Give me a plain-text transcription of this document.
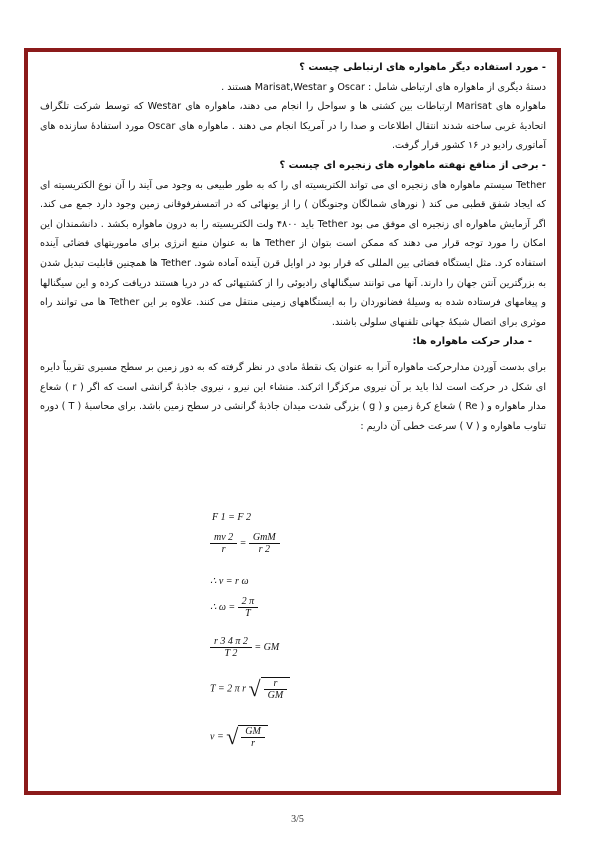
- مورد استفاده دیگر ماهواره های ارتباطی چیست ؟

دستهٔ دیگری از ماهواره های ارتباطی شامل : Oscar و Marisat,Westar هستند .

ماهواره های Marisat ارتباطات بین کشتی ها و سواحل را انجام می دهند، ماهواره های Westar که توسط شرکت تلگراف اتحادیهٔ غربی ساخته شدند انتقال اطلاعات و صدا را در آمریکا انجام می دهند . ماهواره های Oscar مورد استفادهٔ سازنده های آماتوری رادیو در ۱۶ کشور قرار گرفت.

- برخی از منافع نهفته ماهواره های زنجیره ای چیست ؟

Tether سیستم ماهواره های زنجیره ای می تواند الکتریسیته ای را که به طور طبیعی به وجود می آیند را آن نوع الکتریسیته ای که ایجاد شفق قطبی می کند ( نورهای شمالگان وجنوبگان ) را از یونهائی که در اتمسفرفوقانی زمین وجود دارد جمع می کند. اگر آزمایش ماهواره ای زنجیره ای موفق می بود Tether باید ۴۸۰۰ ولت الکتریسیته را به درون ماهواره بکشد . دانشمندان این امکان را مورد توجه قرار می دهند که ممکن است بتوان از Tether ها به عنوان منبع انرژی برای ماموریتهای فضائی آینده استفاده کرد. مثل ایستگاه فضائی بین المللی که قرار بود در اوایل قرن آینده آماده شود. Tether ها همچنین قابلیت تبدیل شدن به بزرگترین آنتن جهان را دارند. آنها می توانند سیگنالهای رادیوئی را از کشتیهائی که در دریا هستند دریافت کرده و این سیگنالها و پیغامهای فرستاده شده به وسیلهٔ فضانوردان را به ایستگاههای زمینی منتقل می کنند. علاوه بر این Tether ها می توانند راه موثری برای اتصال شبکهٔ جهانی تلفنهای سلولی باشند.

- مدار حرکت ماهواره ها:

برای بدست آوردن مدارحرکت ماهواره آنرا به عنوان یک نقطهٔ مادی در نظر گرفته که به دور زمین بر سطح مسیری تقریباً دایره ای شکل در حرکت است لذا باید بر آن نیروی مرکزگرا اثرکند. منشاء این نیرو ، نیروی جاذبهٔ گرانشی است که اگر ( r ) شعاع مدار ماهواره و ( Re ) شعاع کرهٔ زمین و ( g ) بزرگی شدت میدان جاذبهٔ گرانشی در سطح زمین باشد. برای محاسبهٔ ( T ) دوره تناوب ماهواره و ( V ) سرعت خطی آن داریم :

F 1 = F 2
$\frac{mv 2}{r} = \frac{\text{GmM}}{r 2}$
∴ v = r ω
∴ $\omega = \frac{2 \pi}{T}$
$\frac{r 3 4 \pi 2}{T 2}$ = GM
T = 2 π r √ $\frac{r}{GM}$
v = √ $\frac{GM}{r}$
3/5
